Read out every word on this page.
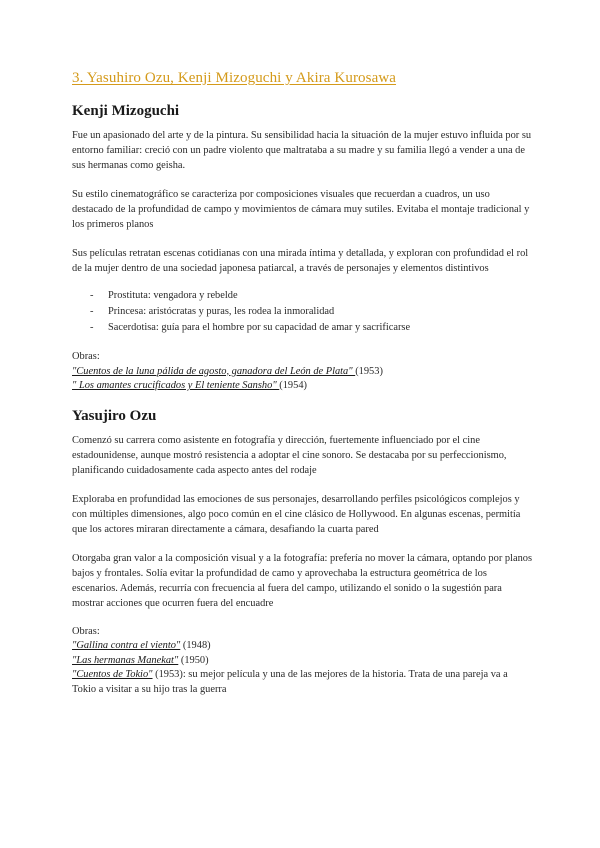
3. Yasuhiro Ozu, Kenji Mizoguchi y Akira Kurosawa
Kenji Mizoguchi

Fue un apasionado del arte y de la pintura. Su sensibilidad hacia la situación de la mujer estuvo influida por su entorno familiar: creció con un padre violento que maltrataba a su madre y su familia llegó a vender a una de sus hermanas como geisha.

Su estilo cinematográfico se caracteriza por composiciones visuales que recuerdan a cuadros, un uso destacado de la profundidad de campo y movimientos de cámara muy sutiles. Evitaba el montaje tradicional y los primeros planos

Sus películas retratan escenas cotidianas con una mirada íntima y detallada, y exploran con profundidad el rol de la mujer dentro de una sociedad japonesa patiarcal, a través de personajes y elementos distintivos

- Prostituta: vengadora y rebelde
- Princesa: aristócratas y puras, les rodea la inmoralidad
- Sacerdotisa: guía para el hombre por su capacidad de amar y sacrificarse
Obras:
"Cuentos de la luna pálida de agosto, ganadora del León de Plata" (1953)
" Los amantes crucificados y El teniente Sansho" (1954)
Yasujiro Ozu

Comenzó su carrera como asistente en fotografía y dirección, fuertemente influenciado por el cine estadounidense, aunque mostró resistencia a adoptar el cine sonoro. Se destacaba por su perfeccionismo, planificando cuidadosamente cada aspecto antes del rodaje

Exploraba en profundidad las emociones de sus personajes, desarrollando perfiles psicológicos complejos y con múltiples dimensiones, algo poco común en el cine clásico de Hollywood. En algunas escenas, permitía que los actores miraran directamente a cámara, desafiando la cuarta pared

Otorgaba gran valor a la composición visual y a la fotografía: prefería no mover la cámara, optando por planos bajos y frontales. Solía evitar la profundidad de camo y aprovechaba la estructura geométrica de los escenarios. Además, recurría con frecuencia al fuera del campo, utilizando el sonido o la sugestión para mostrar acciones que ocurren fuera del encuadre

Obras:
"Gallina contra el viento" (1948)
"Las hermanas Manekat" (1950)
"Cuentos de Tokio" (1953): su mejor película y una de las mejores de la historia. Trata de una pareja va a Tokio a visitar a su hijo tras la guerra
